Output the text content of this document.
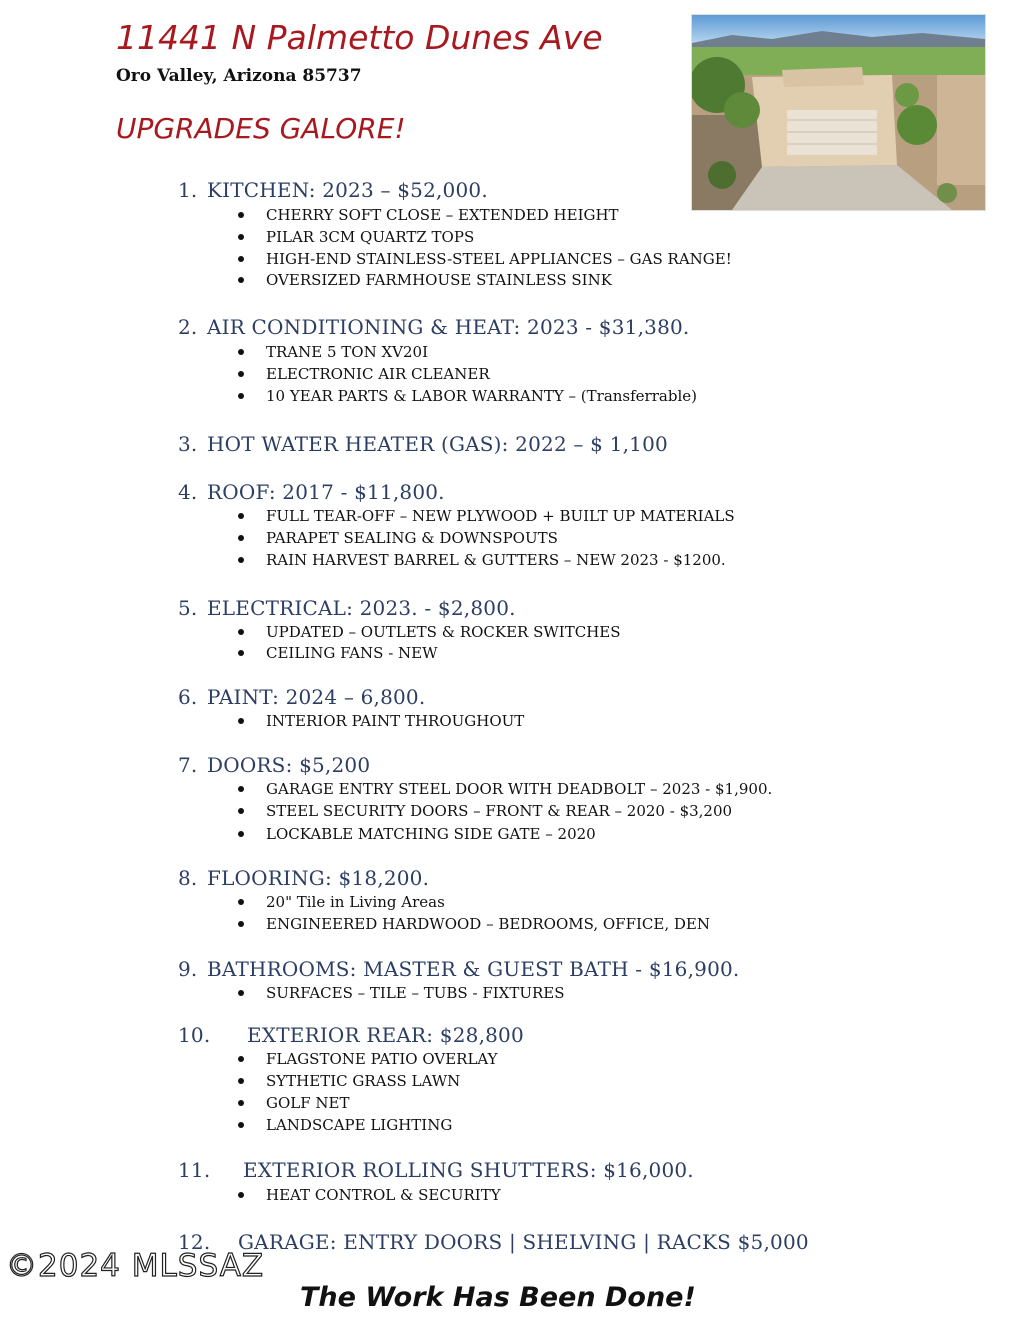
11441 N Palmetto Dunes Ave
Oro Valley, Arizona 85737
UPGRADES GALORE!
1. KITCHEN: 2023 – $52,000.
CHERRY SOFT CLOSE – EXTENDED HEIGHT
PILAR 3CM QUARTZ TOPS
HIGH-END STAINLESS-STEEL APPLIANCES – GAS RANGE!
OVERSIZED FARMHOUSE STAINLESS SINK
2. AIR CONDITIONING & HEAT: 2023 - $31,380.
TRANE 5 TON XV20I
ELECTRONIC AIR CLEANER
10 YEAR PARTS & LABOR WARRANTY – (Transferrable)
3. HOT WATER HEATER (GAS): 2022 – $ 1,100
4. ROOF: 2017 - $11,800.
FULL TEAR-OFF – NEW PLYWOOD + BUILT UP MATERIALS
PARAPET SEALING & DOWNSPOUTS
RAIN HARVEST BARREL & GUTTERS – NEW 2023 - $1200.
5. ELECTRICAL: 2023. - $2,800.
UPDATED – OUTLETS & ROCKER SWITCHES
CEILING FANS - NEW
6. PAINT: 2024 – 6,800.
INTERIOR PAINT THROUGHOUT
7. DOORS: $5,200
GARAGE ENTRY STEEL DOOR WITH DEADBOLT – 2023 - $1,900.
STEEL SECURITY DOORS – FRONT & REAR – 2020 - $3,200
LOCKABLE MATCHING SIDE GATE – 2020
8. FLOORING: $18,200.
20" Tile in Living Areas
ENGINEERED HARDWOOD – BEDROOMS, OFFICE, DEN
9. BATHROOMS: MASTER & GUEST BATH - $16,900.
SURFACES – TILE – TUBS - FIXTURES
10. EXTERIOR REAR: $28,800
FLAGSTONE PATIO OVERLAY
SYTHETIC GRASS LAWN
GOLF NET
LANDSCAPE LIGHTING
11. EXTERIOR ROLLING SHUTTERS: $16,000.
HEAT CONTROL & SECURITY
12. GARAGE: ENTRY DOORS | SHELVING | RACKS $5,000
©2024 MLSSAZ
The Work Has Been Done!
